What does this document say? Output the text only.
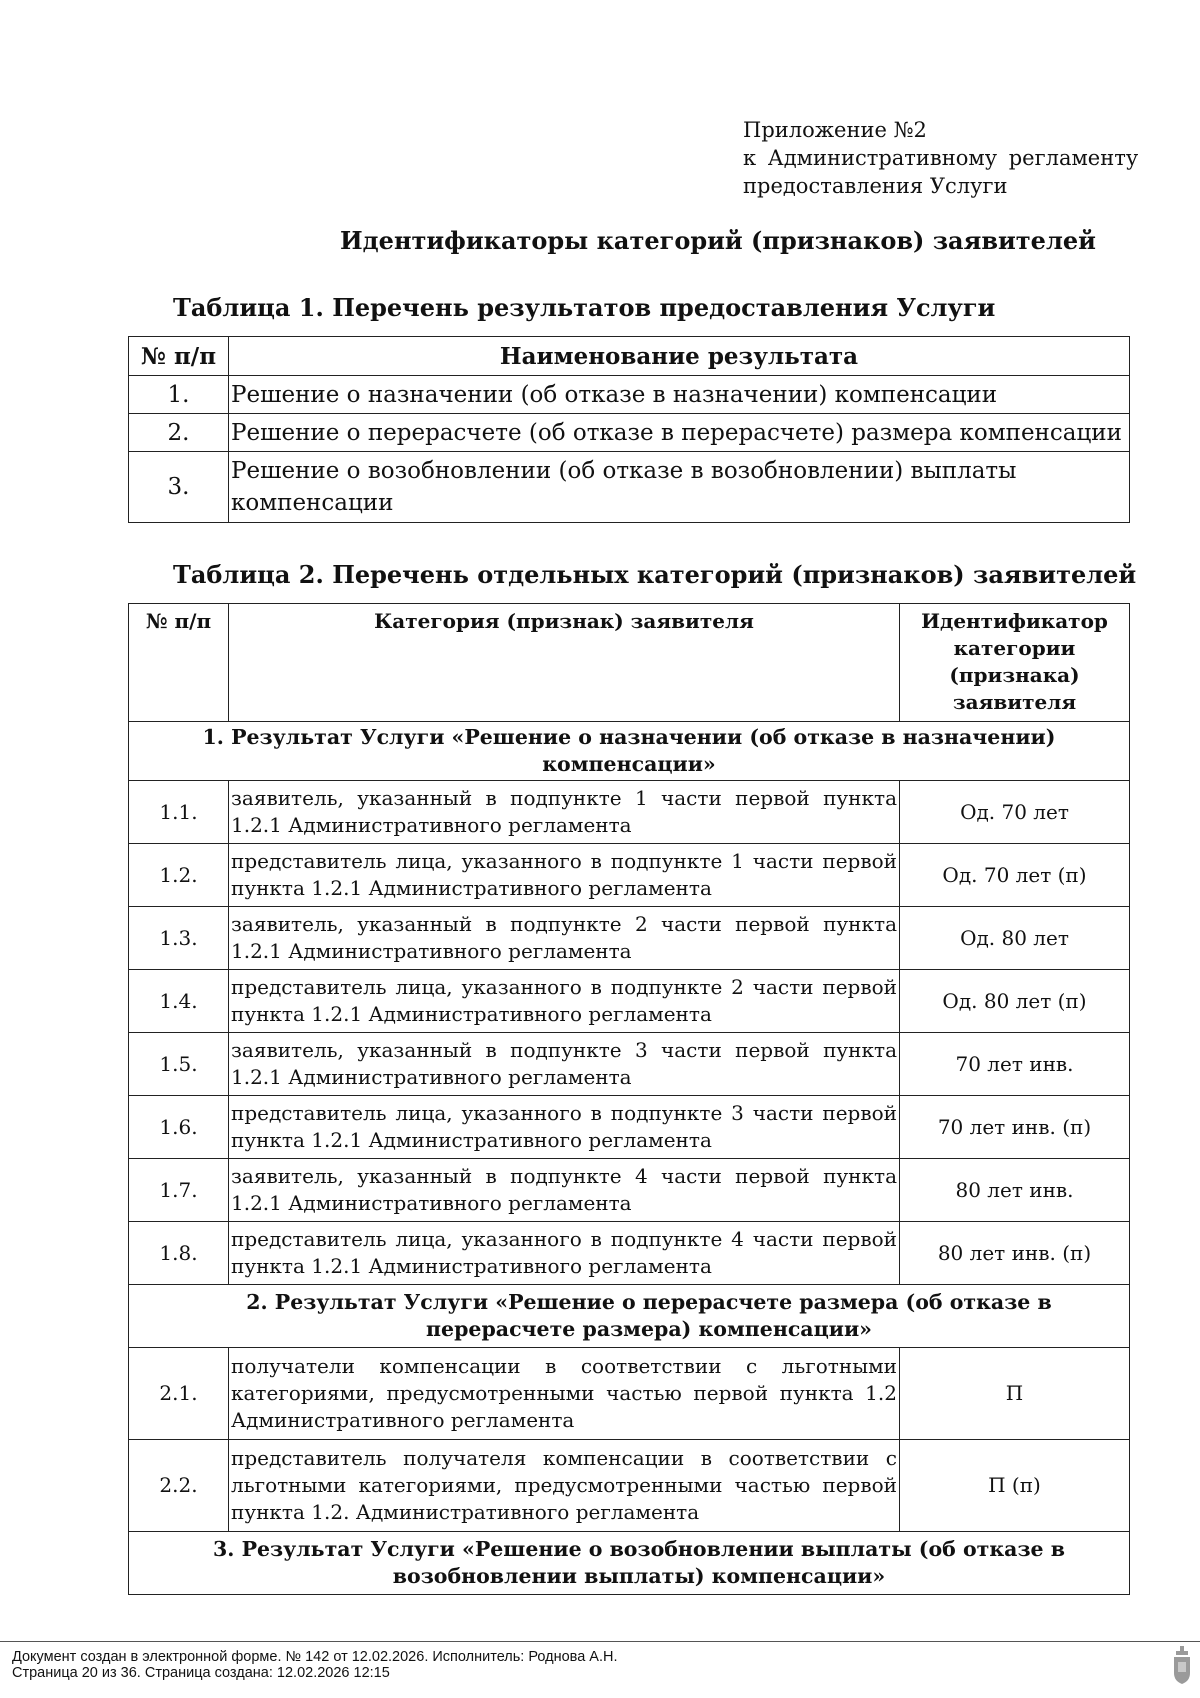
Приложение №2
к Административному регламенту
предоставления Услуги
Идентификаторы категорий (признаков) заявителей
Таблица 1. Перечень результатов предоставления Услуги
№ п/п	Наименование результата
1.	Решение о назначении (об отказе в назначении) компенсации
2.	Решение о перерасчете (об отказе в перерасчете) размера компенсации
3.	Решение о возобновлении (об отказе в возобновлении) выплаты компенсации
Таблица 2. Перечень отдельных категорий (признаков) заявителей
№ п/п	Категория (признак) заявителя	Идентификатор категории (признака) заявителя
1. Результат Услуги «Решение о назначении (об отказе в назначении) компенсации»		
1.1.	заявитель, указанный в подпункте 1 части первой пункта 1.2.1 Административного регламента	Од. 70 лет
1.2.	представитель лица, указанного в подпункте 1 части первой пункта 1.2.1 Административного регламента	Од. 70 лет (п)
1.3.	заявитель, указанный в подпункте 2 части первой пункта 1.2.1 Административного регламента	Од. 80 лет
1.4.	представитель лица, указанного в подпункте 2 части первой пункта 1.2.1 Административного регламента	Од. 80 лет (п)
1.5.	заявитель, указанный в подпункте 3 части первой пункта 1.2.1 Административного регламента	70 лет инв.
1.6.	представитель лица, указанного в подпункте 3 части первой пункта 1.2.1 Административного регламента	70 лет инв. (п)
1.7.	заявитель, указанный в подпункте 4 части первой пункта 1.2.1 Административного регламента	80 лет инв.
1.8.	представитель лица, указанного в подпункте 4 части первой пункта 1.2.1 Административного регламента	80 лет инв. (п)
2. Результат Услуги «Решение о перерасчете размера (об отказе в перерасчете размера) компенсации»		
2.1.	получатели компенсации в соответствии с льготными категориями, предусмотренными частью первой пункта 1.2 Административного регламента	П
2.2.	представитель получателя компенсации в соответствии с льготными категориями, предусмотренными частью первой пункта 1.2. Административного регламента	П (п)
3. Результат Услуги «Решение о возобновлении выплаты (об отказе в возобновлении выплаты) компенсации»		
Документ создан в электронной форме. № 142 от 12.02.2026. Исполнитель: Роднова А.Н.
Страница 20 из 36. Страница создана: 12.02.2026 12:15
